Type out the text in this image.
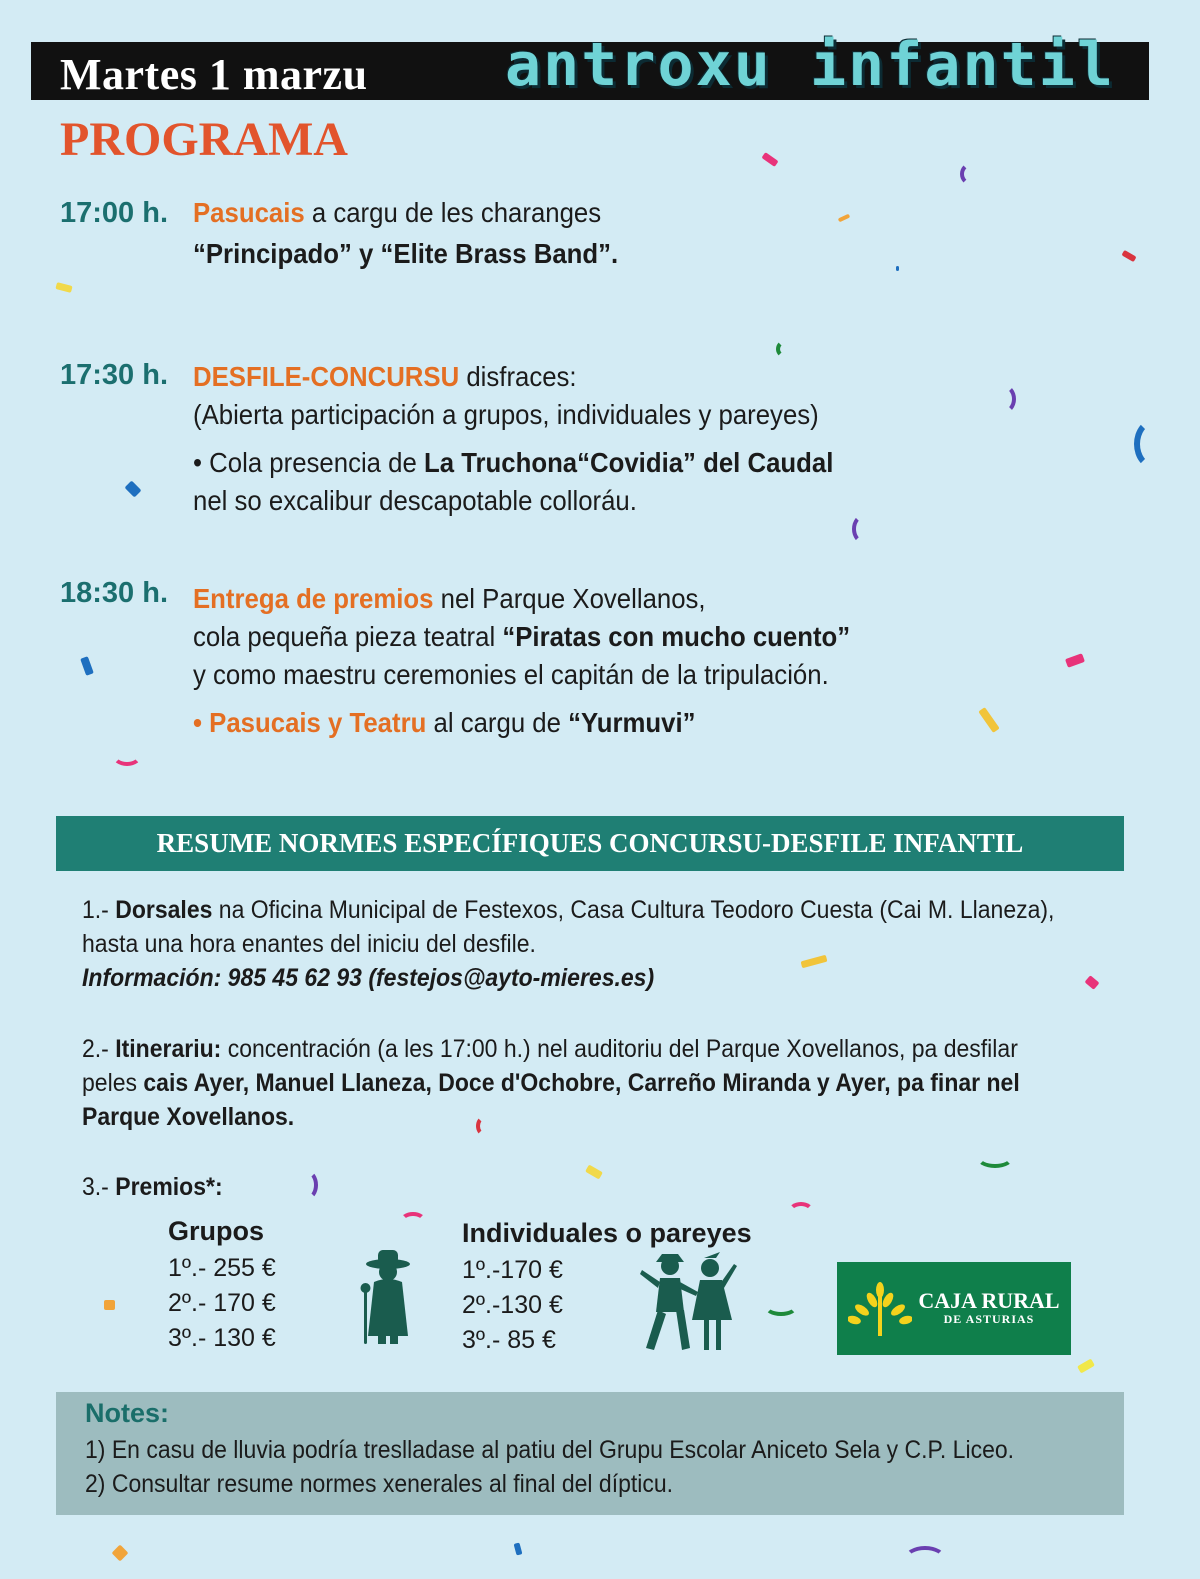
Martes 1 marzu antroxu infantil
PROGRAMA
17:00 h. Pasucais a cargu de les charanges
“Principado” y “Elite Brass Band”.
17:30 h. DESFILE-CONCURSU disfraces:
(Abierta participación a grupos, individuales y pareyes)
• Cola presencia de La Truchona“Covidia” del Caudal
nel so excalibur descapotable colloráu.
18:30 h. Entrega de premios nel Parque Xovellanos,
cola pequeña pieza teatral “Piratas con mucho cuento”
y como maestru ceremonies el capitán de la tripulación.
• Pasucais y Teatru al cargu de “Yurmuvi”
RESUME NORMES ESPECÍFIQUES CONCURSU-DESFILE INFANTIL
1.- Dorsales na Oficina Municipal de Festexos, Casa Cultura Teodoro Cuesta (Cai M. Llaneza),
hasta una hora enantes del iniciu del desfile.
Información: 985 45 62 93 (festejos@ayto-mieres.es)
2.- Itinerariu: concentración (a les 17:00 h.) nel auditoriu del Parque Xovellanos, pa desfilar
peles cais Ayer, Manuel Llaneza, Doce d'Ochobre, Carreño Miranda y Ayer, pa finar nel
Parque Xovellanos.
3.- Premios*:
Grupos
1º.- 255 €
2º.- 170 €
3º.- 130 €
Individuales o pareyes
1º.-170 €
2º.-130 €
3º.- 85 €
CAJA RURAL
DE ASTURIAS
Notes:
1) En casu de lluvia podría treslladase al patiu del Grupu Escolar Aniceto Sela y C.P. Liceo.
2) Consultar resume normes xenerales al final del dípticu.
